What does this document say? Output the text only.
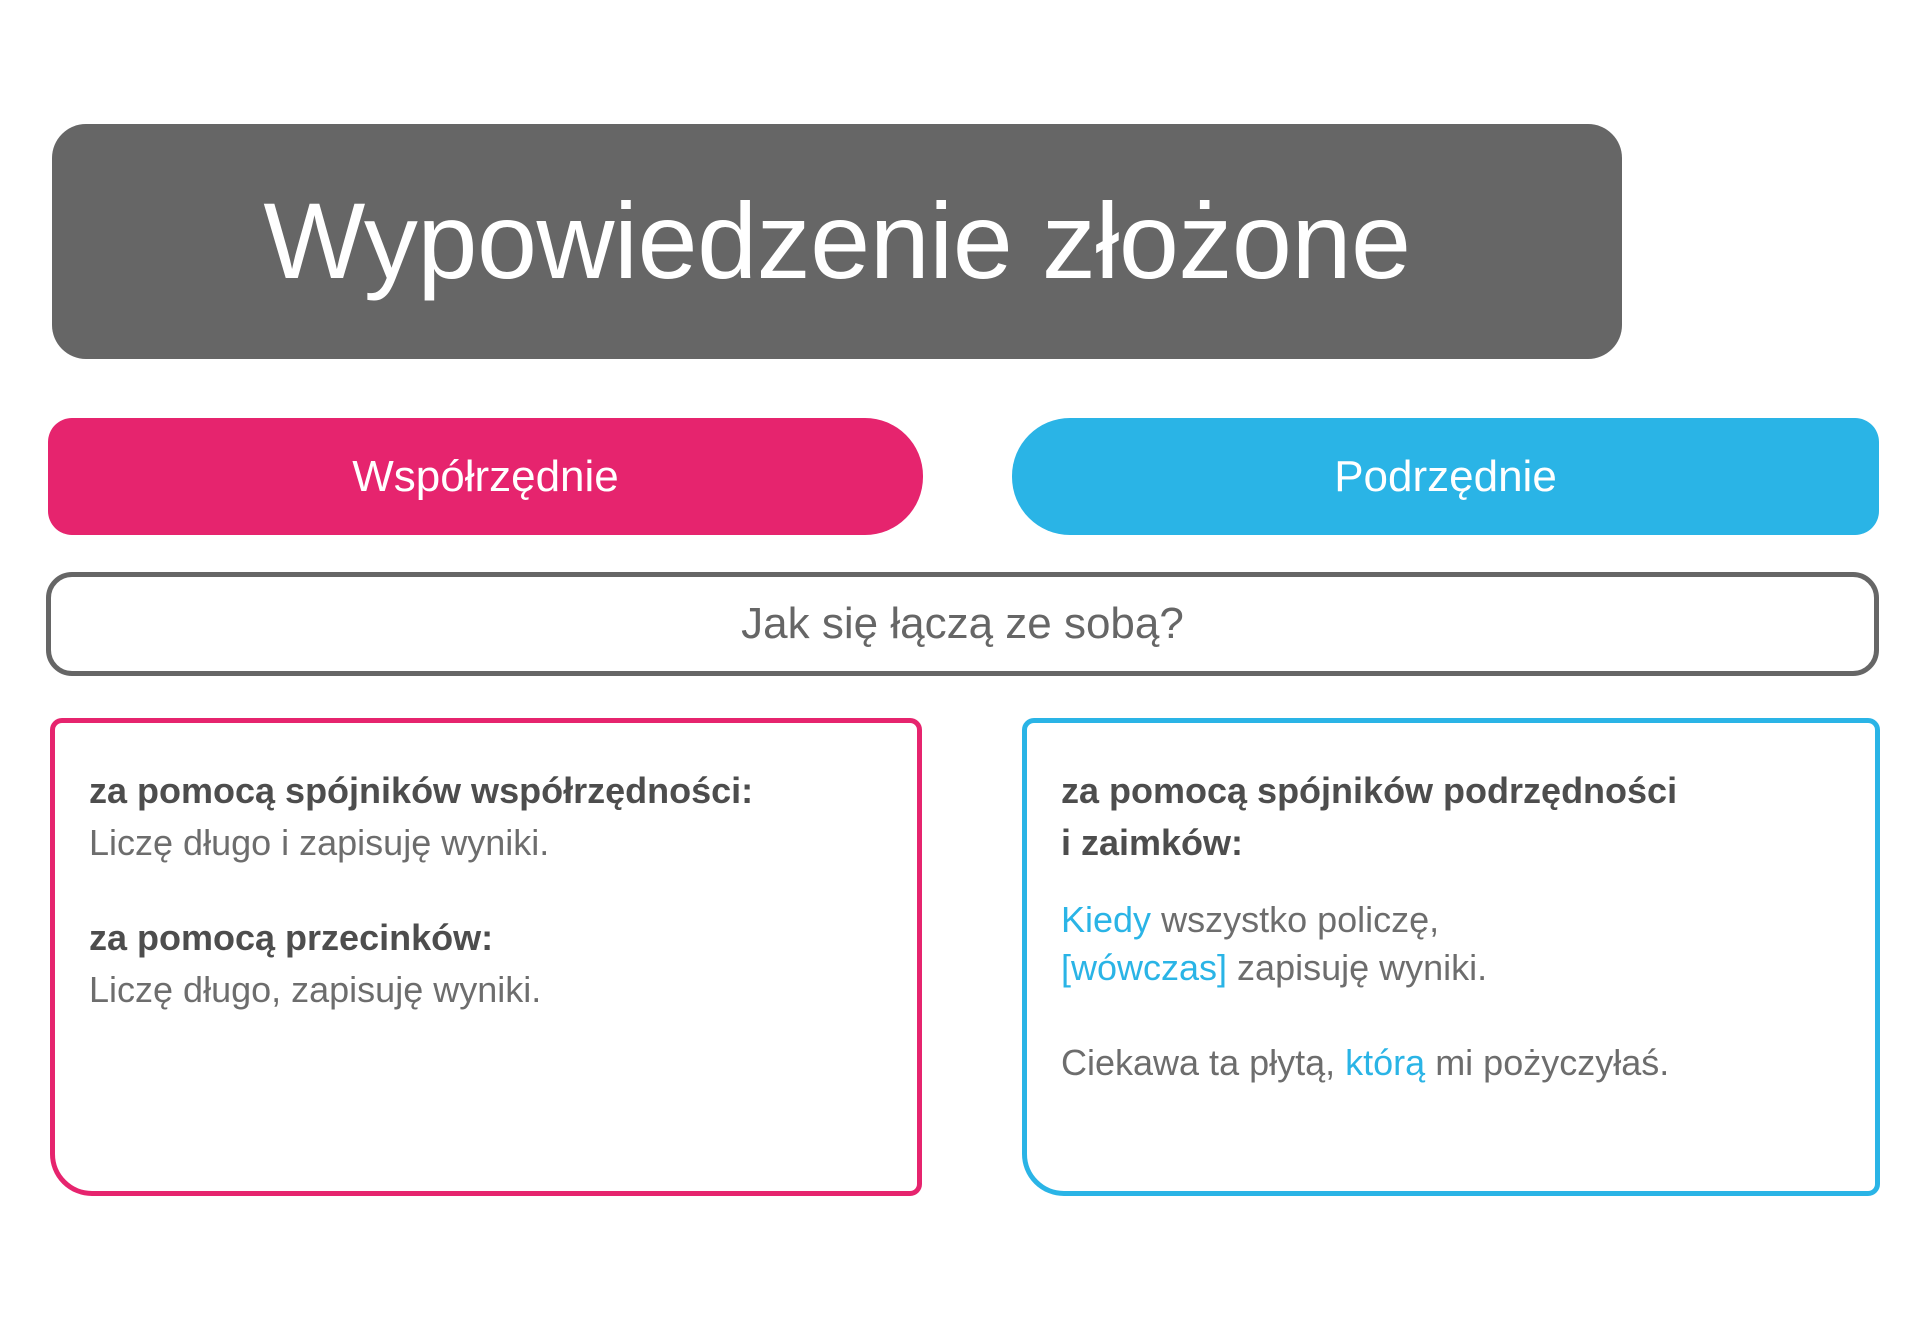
Wypowiedzenie złożone
Współrzędnie	Podrzędnie
Jak się łączą ze sobą?

za pomocą spójników współrzędności:

Liczę długo i zapisuję wyniki.

za pomocą przecinków:

Liczę długo, zapisuję wyniki.

za pomocą spójników podrzędności

i zaimków:

Kiedy wszystko policzę,

[wówczas] zapisuję wyniki.

Ciekawa ta płytą, którą mi pożyczyłaś.
